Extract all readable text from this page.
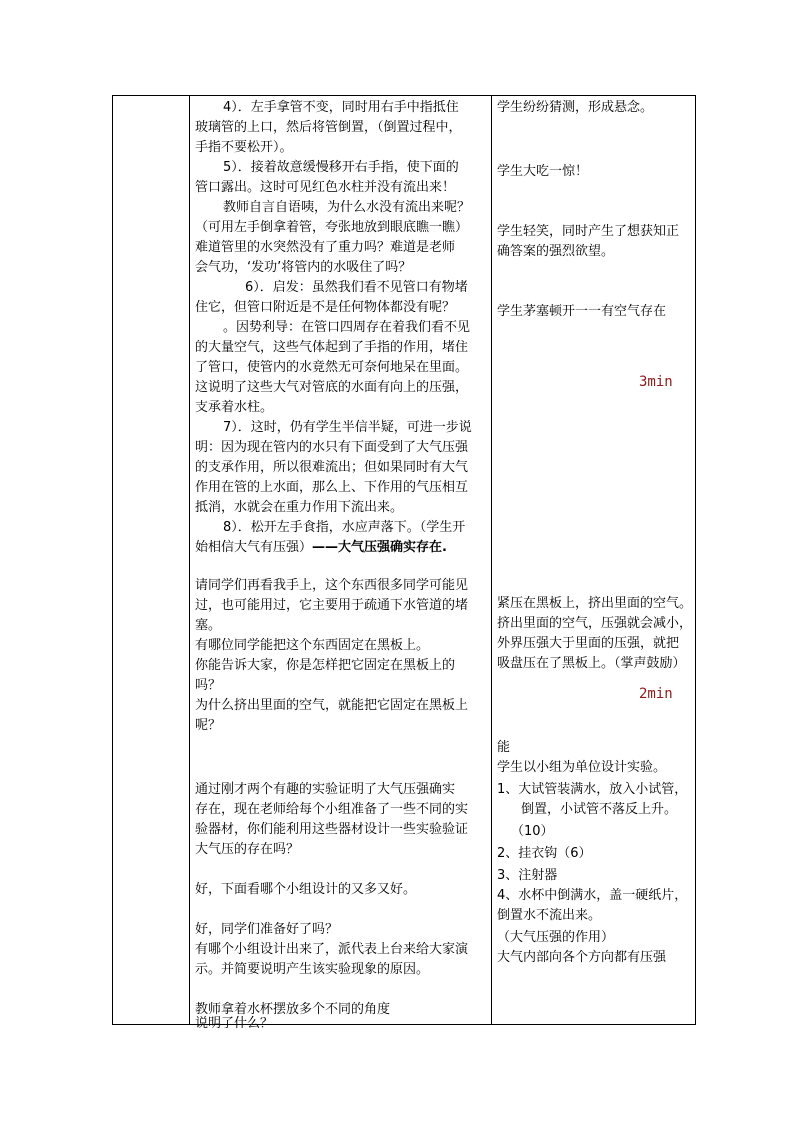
4）．左手拿管不变，同时用右手中指抵住
玻璃管的上口，然后将管倒置，（倒置过程中，
手指不要松开）。
5）．接着故意缓慢移开右手指，使下面的
管口露出。这时可见红色水柱并没有流出来！
教师自言自语咦，为什么水没有流出来呢？
（可用左手倒拿着管，夸张地放到眼底瞧一瞧）
难道管里的水突然没有了重力吗？难道是老师
会气功，‘发功’将管内的水吸住了吗？
6）．启发：虽然我们看不见管口有物堵
住它，但管口附近是不是任何物体都没有呢？
。因势利导：在管口四周存在着我们看不见
的大量空气，这些气体起到了手指的作用，堵住
了管口，使管内的水竟然无可奈何地呆在里面。
这说明了这些大气对管底的水面有向上的压强，
支承着水柱。
7）．这时，仍有学生半信半疑，可进一步说
明：因为现在管内的水只有下面受到了大气压强
的支承作用，所以很难流出；但如果同时有大气
作用在管的上水面，那么上、下作用的气压相互
抵消，水就会在重力作用下流出来。
8）．松开左手食指，水应声落下。（学生开
始相信大气有压强）——大气压强确实存在.
请同学们再看我手上，这个东西很多同学可能见
过，也可能用过，它主要用于疏通下水管道的堵
塞。
有哪位同学能把这个东西固定在黑板上。
你能告诉大家，你是怎样把它固定在黑板上的
吗？
为什么挤出里面的空气，就能把它固定在黑板上
呢？
通过刚才两个有趣的实验证明了大气压强确实
存在，现在老师给每个小组准备了一些不同的实
验器材，你们能利用这些器材设计一些实验验证
大气压的存在吗？
好，下面看哪个小组设计的又多又好。
好，同学们准备好了吗？
有哪个小组设计出来了，派代表上台来给大家演
示。并简要说明产生该实验现象的原因。
教师拿着水杯摆放多个不同的角度
说明了什么？
学生纷纷猜测，形成悬念。
学生大吃一惊！
学生轻笑，同时产生了想获知正
确答案的强烈欲望。
学生茅塞顿开一一有空气存在
3min
紧压在黑板上，挤出里面的空气。
挤出里面的空气，压强就会减小，
外界压强大于里面的压强，就把
吸盘压在了黑板上。（掌声鼓励）
2min
能
学生以小组为单位设计实验。
1、大试管装满水，放入小试管，
倒置，小试管不落反上升。
（10）
2、挂衣钩（6）
3、注射器
4、水杯中倒满水，盖一硬纸片，
倒置水不流出来。
（大气压强的作用）
大气内部向各个方向都有压强
